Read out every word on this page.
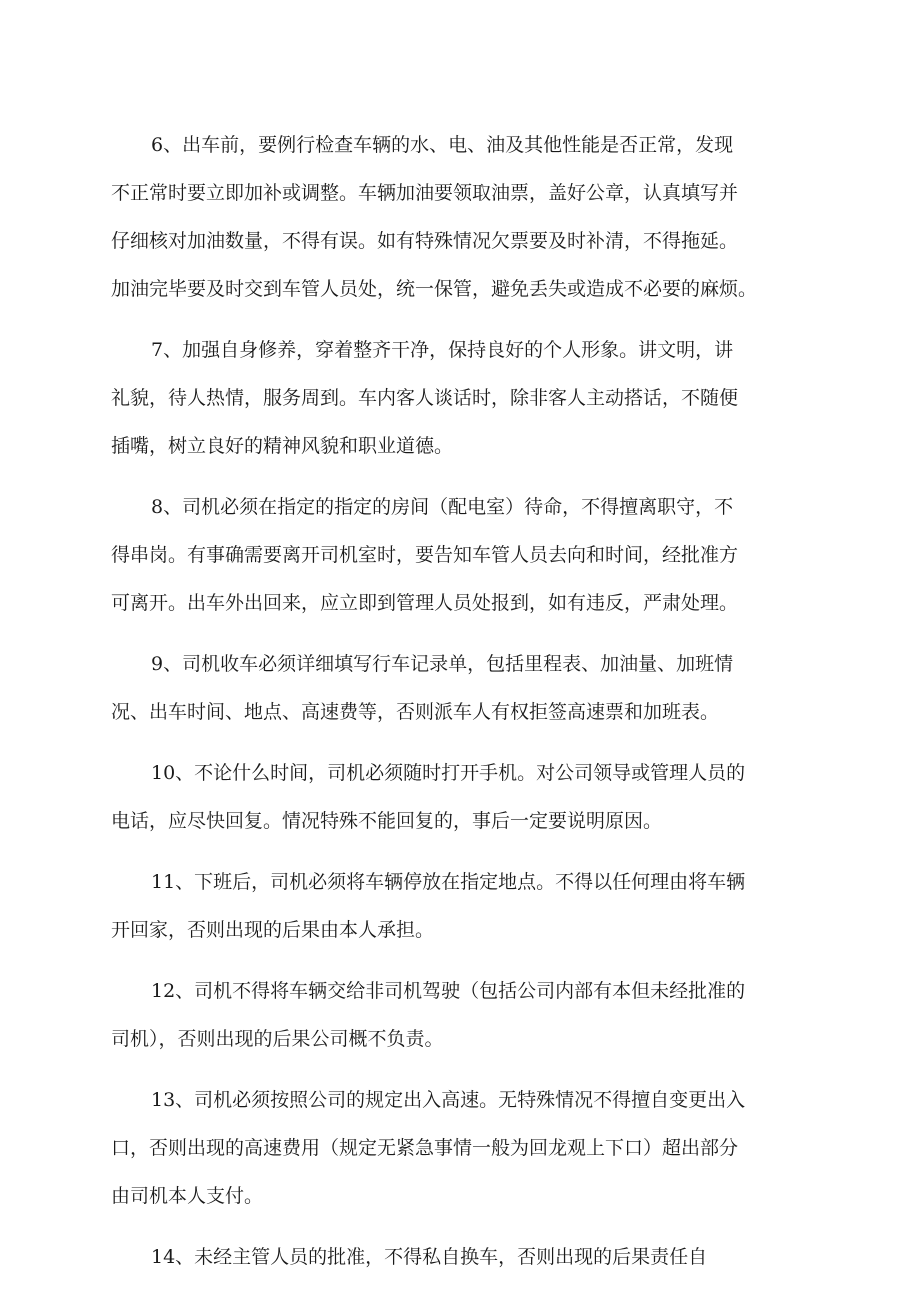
6、出车前，要例行检查车辆的水、电、油及其他性能是否正常，发现
不正常时要立即加补或调整。车辆加油要领取油票，盖好公章，认真填写并
仔细核对加油数量，不得有误。如有特殊情况欠票要及时补清，不得拖延。
加油完毕要及时交到车管人员处，统一保管，避免丢失或造成不必要的麻烦。

7、加强自身修养，穿着整齐干净，保持良好的个人形象。讲文明，讲
礼貌，待人热情，服务周到。车内客人谈话时，除非客人主动搭话，不随便
插嘴，树立良好的精神风貌和职业道德。

8、司机必须在指定的指定的房间（配电室）待命，不得擅离职守，不
得串岗。有事确需要离开司机室时，要告知车管人员去向和时间，经批准方
可离开。出车外出回来，应立即到管理人员处报到，如有违反，严肃处理。

9、司机收车必须详细填写行车记录单，包括里程表、加油量、加班情
况、出车时间、地点、高速费等，否则派车人有权拒签高速票和加班表。

10、不论什么时间，司机必须随时打开手机。对公司领导或管理人员的
电话，应尽快回复。情况特殊不能回复的，事后一定要说明原因。

11、下班后，司机必须将车辆停放在指定地点。不得以任何理由将车辆
开回家，否则出现的后果由本人承担。

12、司机不得将车辆交给非司机驾驶（包括公司内部有本但未经批准的
司机），否则出现的后果公司概不负责。

13、司机必须按照公司的规定出入高速。无特殊情况不得擅自变更出入
口，否则出现的高速费用（规定无紧急事情一般为回龙观上下口）超出部分
由司机本人支付。

14、未经主管人员的批准，不得私自换车，否则出现的后果责任自
